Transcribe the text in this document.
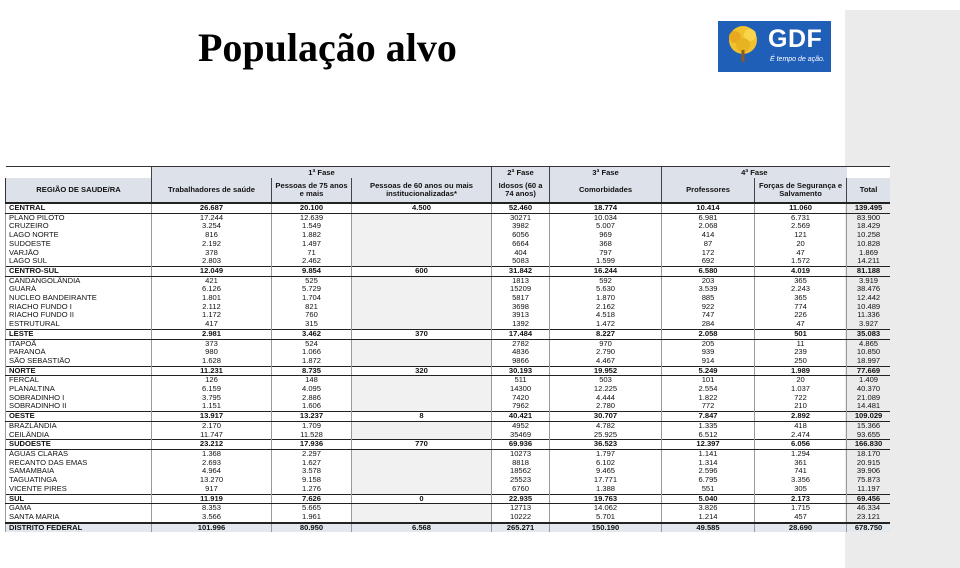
População alvo	GDF
É tempo de ação.
	1ª Fase			2ª Fase	3ª Fase	4ª Fase		
REGIÃO DE SAUDE/RA	Trabalhadores de saúde	Pessoas de 75 anos e mais	Pessoas de 60 anos ou mais institucionalizadas*	Idosos (60 a 74 anos)	Comorbidades	Professores	Forças de Segurança e Salvamento	Total
CENTRAL	26.687	20.100	4.500	52.460	18.774	10.414	11.060	139.495
PLANO PILOTO	17.244	12.639		30271	10.034	6.981	6.731	83.900
CRUZEIRO	3.254	1.549		3982	5.007	2.068	2.569	18.429
LAGO NORTE	816	1.882		6056	969	414	121	10.258
SUDOESTE	2.192	1.497		6664	368	87	20	10.828
VARJÃO	378	71		404	797	172	47	1.869
LAGO SUL	2.803	2.462		5083	1.599	692	1.572	14.211
CENTRO-SUL	12.049	9.854	600	31.842	16.244	6.580	4.019	81.188
CANDANGOLÂNDIA	421	525		1813	592	203	365	3.919
GUARÁ	6.126	5.729		15209	5.630	3.539	2.243	38.476
NÚCLEO BANDEIRANTE	1.801	1.704		5817	1.870	885	365	12.442
RIACHO FUNDO I	2.112	821		3698	2.162	922	774	10.489
RIACHO FUNDO II	1.172	760		3913	4.518	747	226	11.336
ESTRUTURAL	417	315		1392	1.472	284	47	3.927
LESTE	2.981	3.462	370	17.484	8.227	2.058	501	35.083
ITAPOÃ	373	524		2782	970	205	11	4.865
PARANOÁ	980	1.066		4836	2.790	939	239	10.850
SÃO SEBASTIÃO	1.628	1.872		9866	4.467	914	250	18.997
NORTE	11.231	8.735	320	30.193	19.952	5.249	1.989	77.669
FERCAL	126	148		511	503	101	20	1.409
PLANALTINA	6.159	4.095		14300	12.225	2.554	1.037	40.370
SOBRADINHO I	3.795	2.886		7420	4.444	1.822	722	21.089
SOBRADINHO II	1.151	1.606		7962	2.780	772	210	14.481
OESTE	13.917	13.237	8	40.421	30.707	7.847	2.892	109.029
BRAZLÂNDIA	2.170	1.709		4952	4.782	1.335	418	15.366
CEILÂNDIA	11.747	11.528		35469	25.925	6.512	2.474	93.655
SUDOESTE	23.212	17.936	770	69.936	36.523	12.397	6.056	166.830
ÁGUAS CLARAS	1.368	2.297		10273	1.797	1.141	1.294	18.170
RECANTO DAS EMAS	2.693	1.627		8818	6.102	1.314	361	20.915
SAMAMBAIA	4.964	3.578		18562	9.465	2.596	741	39.906
TAGUATINGA	13.270	9.158		25523	17.771	6.795	3.356	75.873
VICENTE PIRES	917	1.276		6760	1.388	551	305	11.197
SUL	11.919	7.626	0	22.935	19.763	5.040	2.173	69.456
GAMA	8.353	5.665		12713	14.062	3.826	1.715	46.334
SANTA MARIA	3.566	1.961		10222	5.701	1.214	457	23.121
DISTRITO FEDERAL	101.996	80.950	6.568	265.271	150.190	49.585	28.690	678.750
